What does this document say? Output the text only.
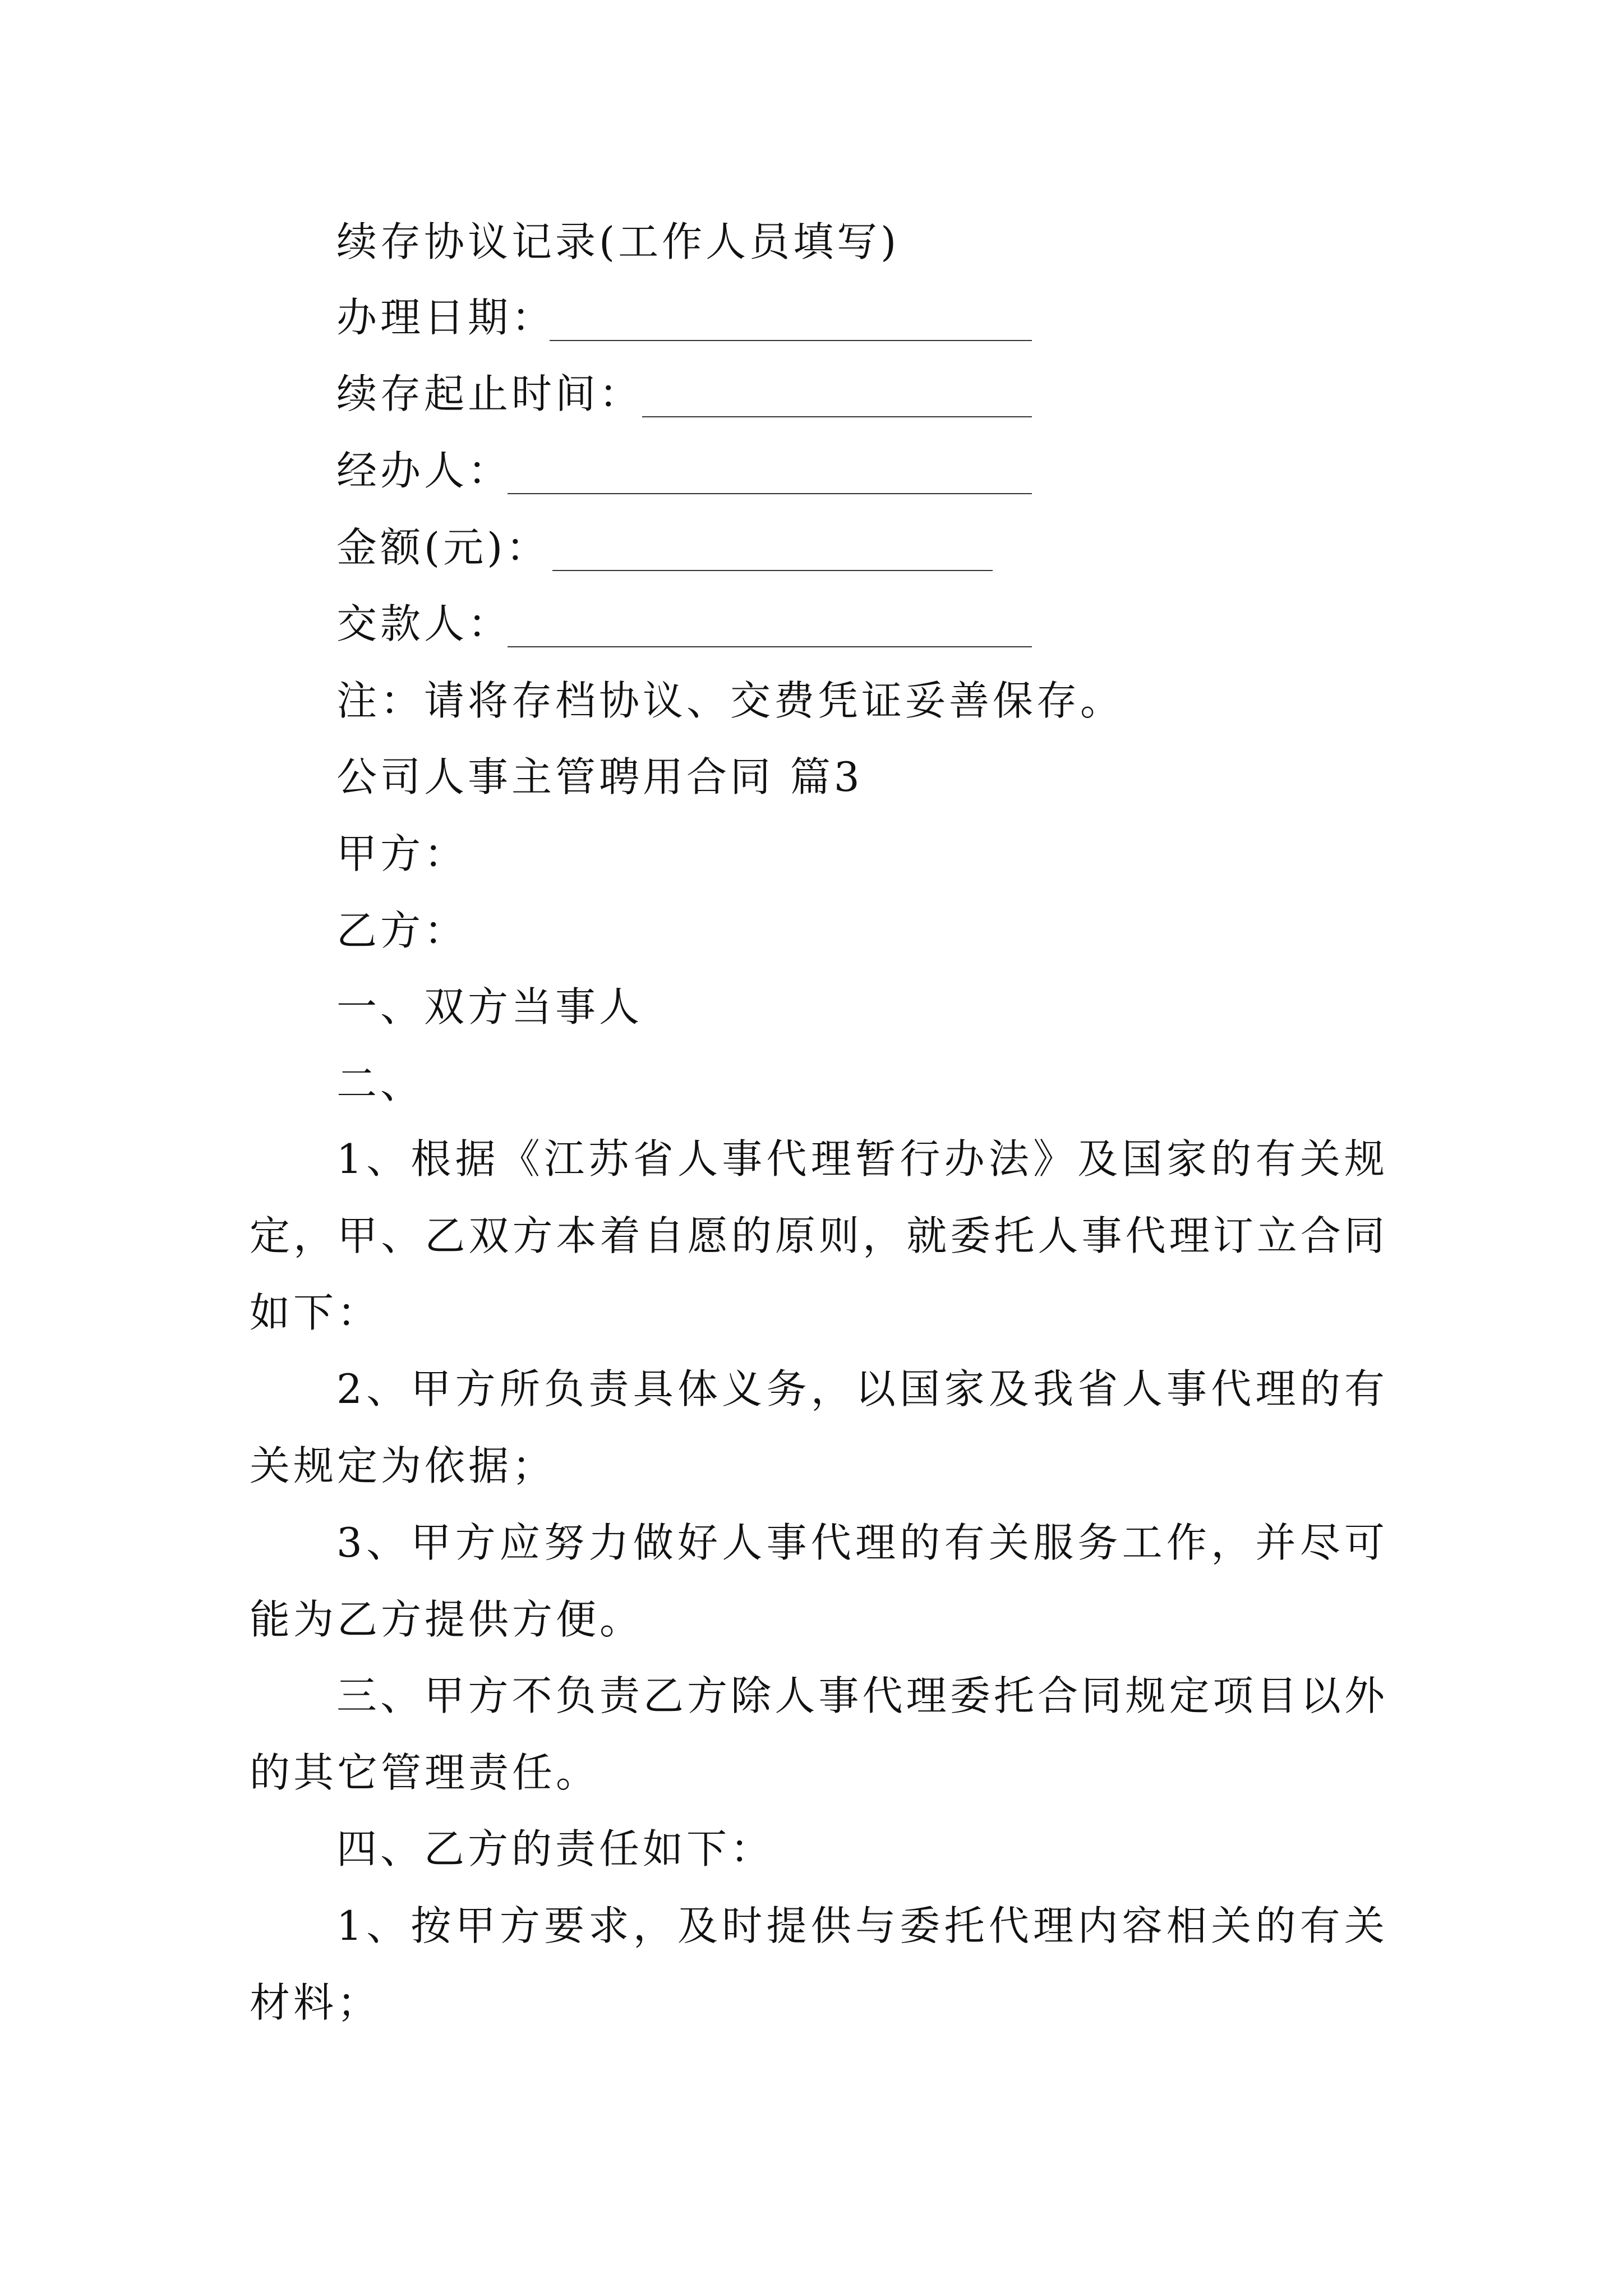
续存协议记录(工作人员填写)
办理日期：
续存起止时间：
经办人：
金额(元)：
交款人：
注：请将存档协议、交费凭证妥善保存。
公司人事主管聘用合同 篇3
甲方：
乙方：
一、双方当事人
二、

1、根据《江苏省人事代理暂行办法》及国家的有关规定，甲、乙双方本着自愿的原则，就委托人事代理订立合同如下：

2、甲方所负责具体义务，以国家及我省人事代理的有关规定为依据；

3、甲方应努力做好人事代理的有关服务工作，并尽可能为乙方提供方便。

三、甲方不负责乙方除人事代理委托合同规定项目以外的其它管理责任。

四、乙方的责任如下：

1、按甲方要求，及时提供与委托代理内容相关的有关材料；
